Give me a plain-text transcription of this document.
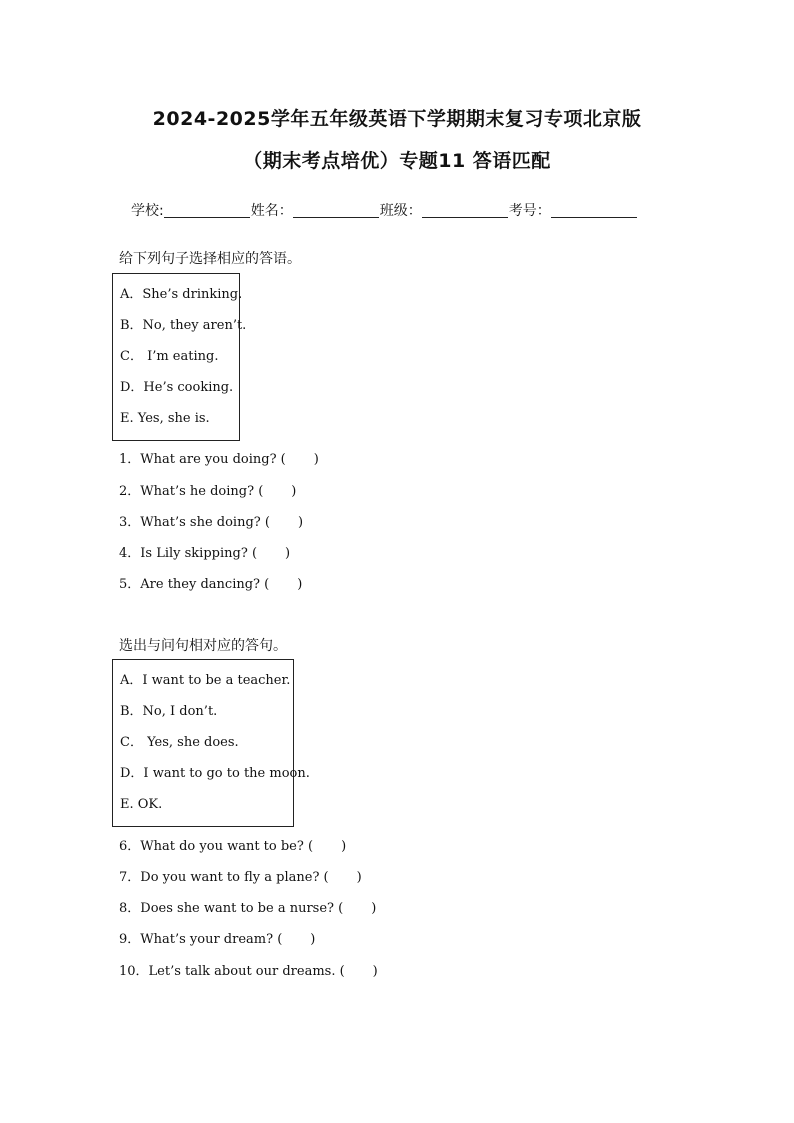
2024-2025学年五年级英语下学期期末复习专项北京版
（期末考点培优）专题11 答语匹配
学校:	姓名：	班级：	考号：
给下列句子选择相应的答语。
A．She’s drinking.
B．No, they aren’t.
C． I’m eating.
D．He’s cooking.
E. Yes, she is.
1．What are you doing? ( )
2．What’s he doing? ( )
3．What’s she doing? ( )
4．Is Lily skipping? ( )
5．Are they dancing? ( )
选出与问句相对应的答句。
A．I want to be a teacher.
B．No, I don’t.
C． Yes, she does.
D．I want to go to the moon.
E. OK.
6．What do you want to be? ( )
7．Do you want to fly a plane? ( )
8．Does she want to be a nurse? ( )
9．What’s your dream? ( )
10．Let’s talk about our dreams. ( )
